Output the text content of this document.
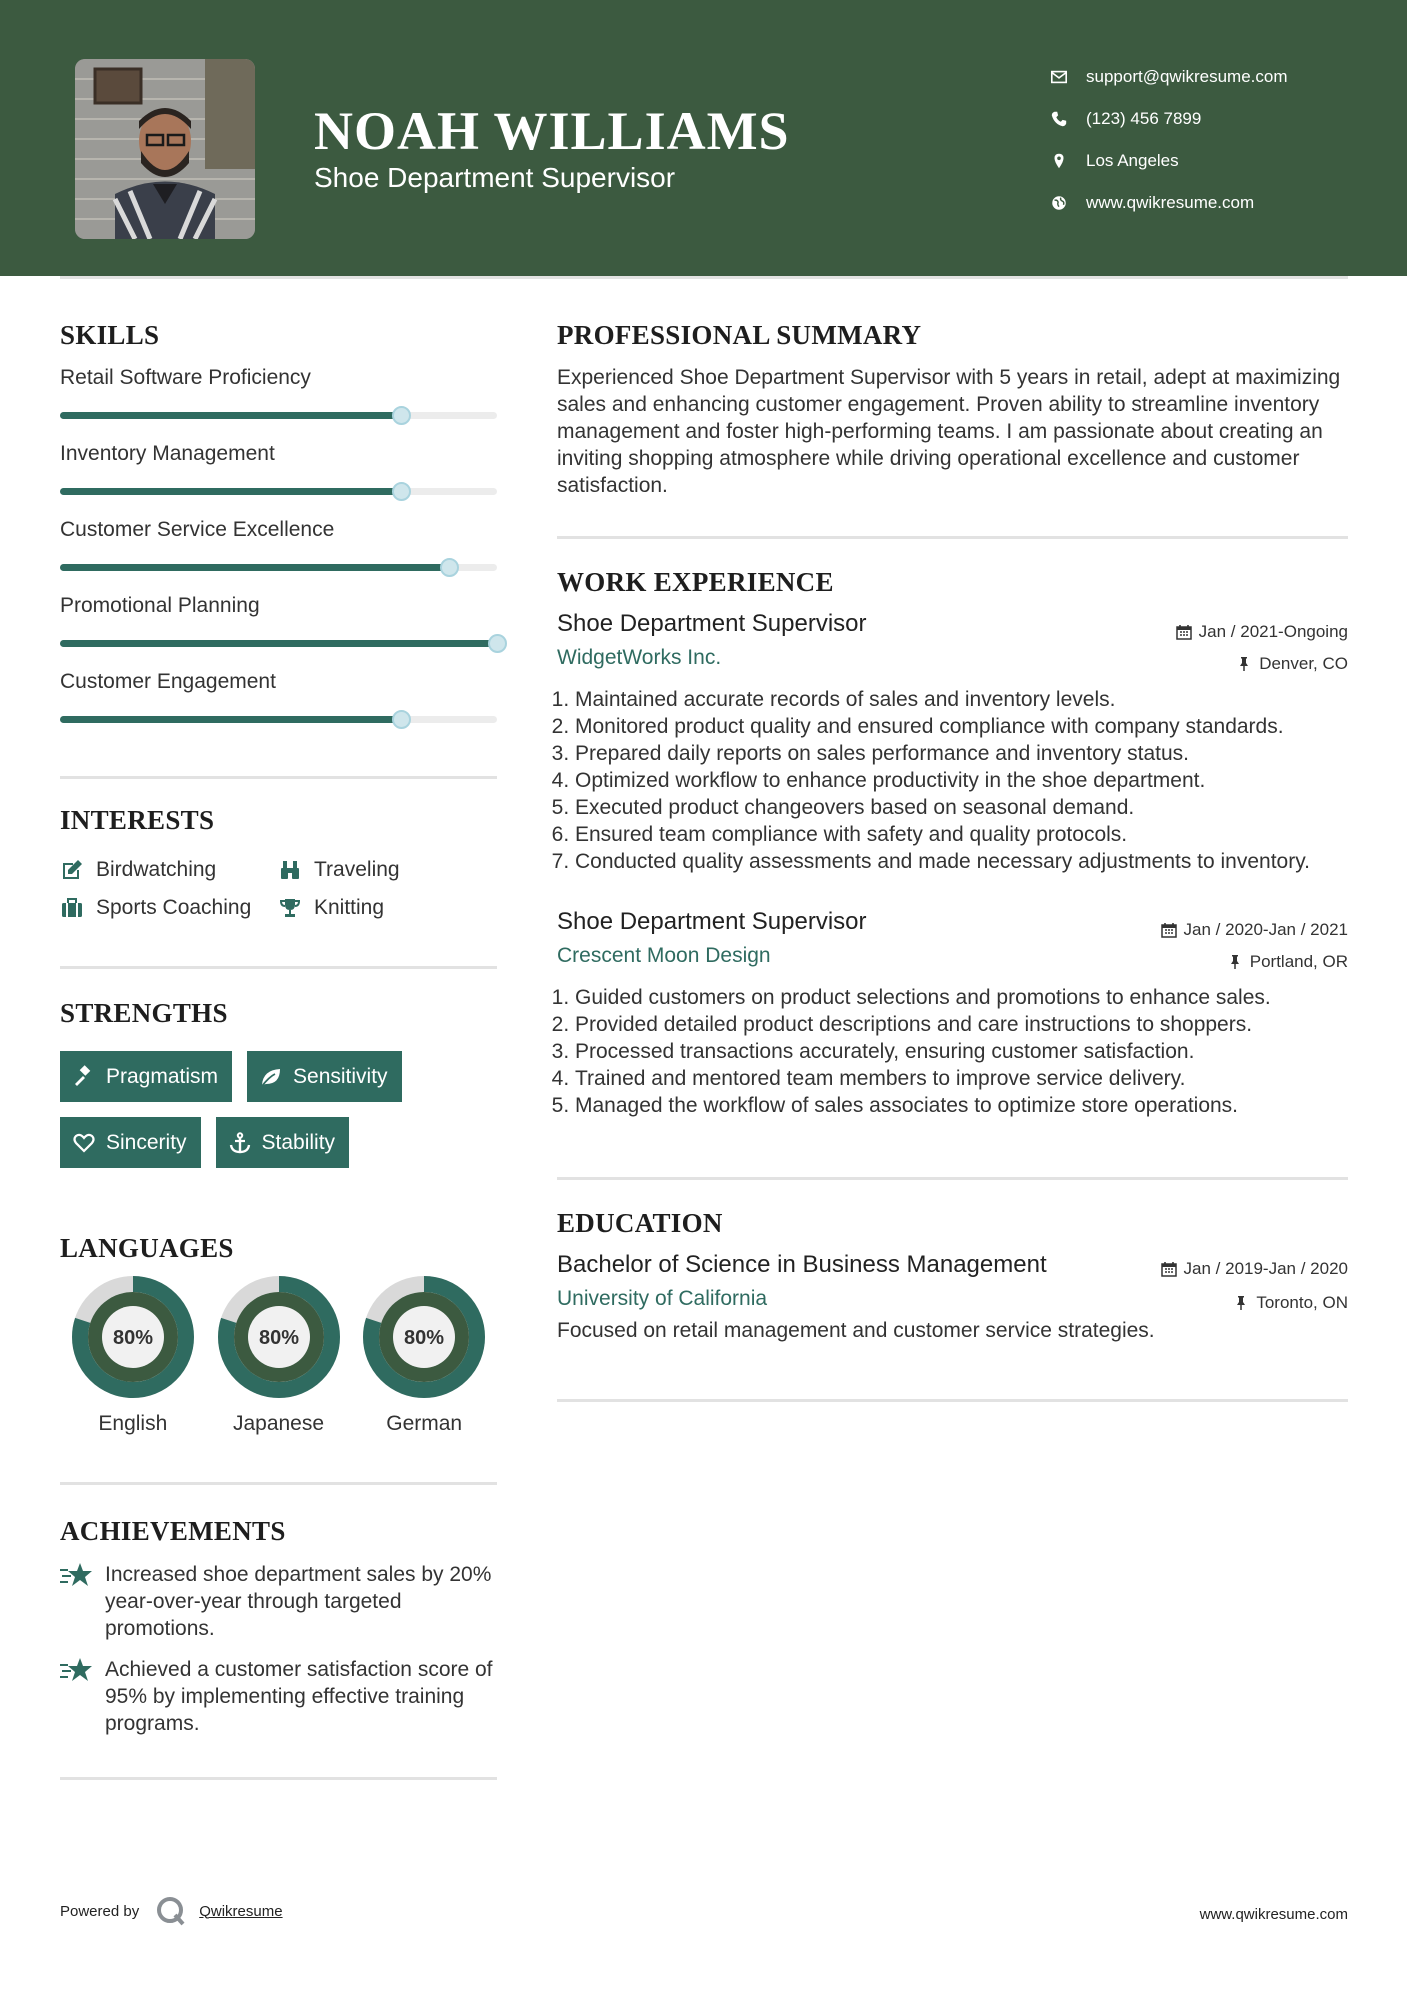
NOAH WILLIAMS
Shoe Department Supervisor
support@qwikresume.com
(123) 456 7899
Los Angeles
www.qwikresume.com
SKILLS
Retail Software Proficiency
Inventory Management
Customer Service Excellence
Promotional Planning
Customer Engagement
INTERESTS
Birdwatching	Traveling
Sports Coaching	Knitting
STRENGTHS
Pragmatism	Sensitivity
Sincerity	Stability
LANGUAGES
80%
English
80%
Japanese
80%
German
ACHIEVEMENTS
Increased shoe department sales by 20% year-over-year through targeted promotions.
Achieved a customer satisfaction score of 95% by implementing effective training programs.
PROFESSIONAL SUMMARY
Experienced Shoe Department Supervisor with 5 years in retail, adept at maximizing sales and enhancing customer engagement. Proven ability to streamline inventory management and foster high-performing teams. I am passionate about creating an inviting shopping atmosphere while driving operational excellence and customer satisfaction.
WORK EXPERIENCE
Shoe Department Supervisor
WidgetWorks Inc.
Jan / 2021-Ongoing
Denver, CO
1. Maintained accurate records of sales and inventory levels.
2. Monitored product quality and ensured compliance with company standards.
3. Prepared daily reports on sales performance and inventory status.
4. Optimized workflow to enhance productivity in the shoe department.
5. Executed product changeovers based on seasonal demand.
6. Ensured team compliance with safety and quality protocols.
7. Conducted quality assessments and made necessary adjustments to inventory.
Shoe Department Supervisor
Crescent Moon Design
Jan / 2020-Jan / 2021
Portland, OR
1. Guided customers on product selections and promotions to enhance sales.
2. Provided detailed product descriptions and care instructions to shoppers.
3. Processed transactions accurately, ensuring customer satisfaction.
4. Trained and mentored team members to improve service delivery.
5. Managed the workflow of sales associates to optimize store operations.
EDUCATION
Bachelor of Science in Business Management
University of California
Jan / 2019-Jan / 2020
Toronto, ON
Focused on retail management and customer service strategies.
Powered by	Qwikresume	www.qwikresume.com
